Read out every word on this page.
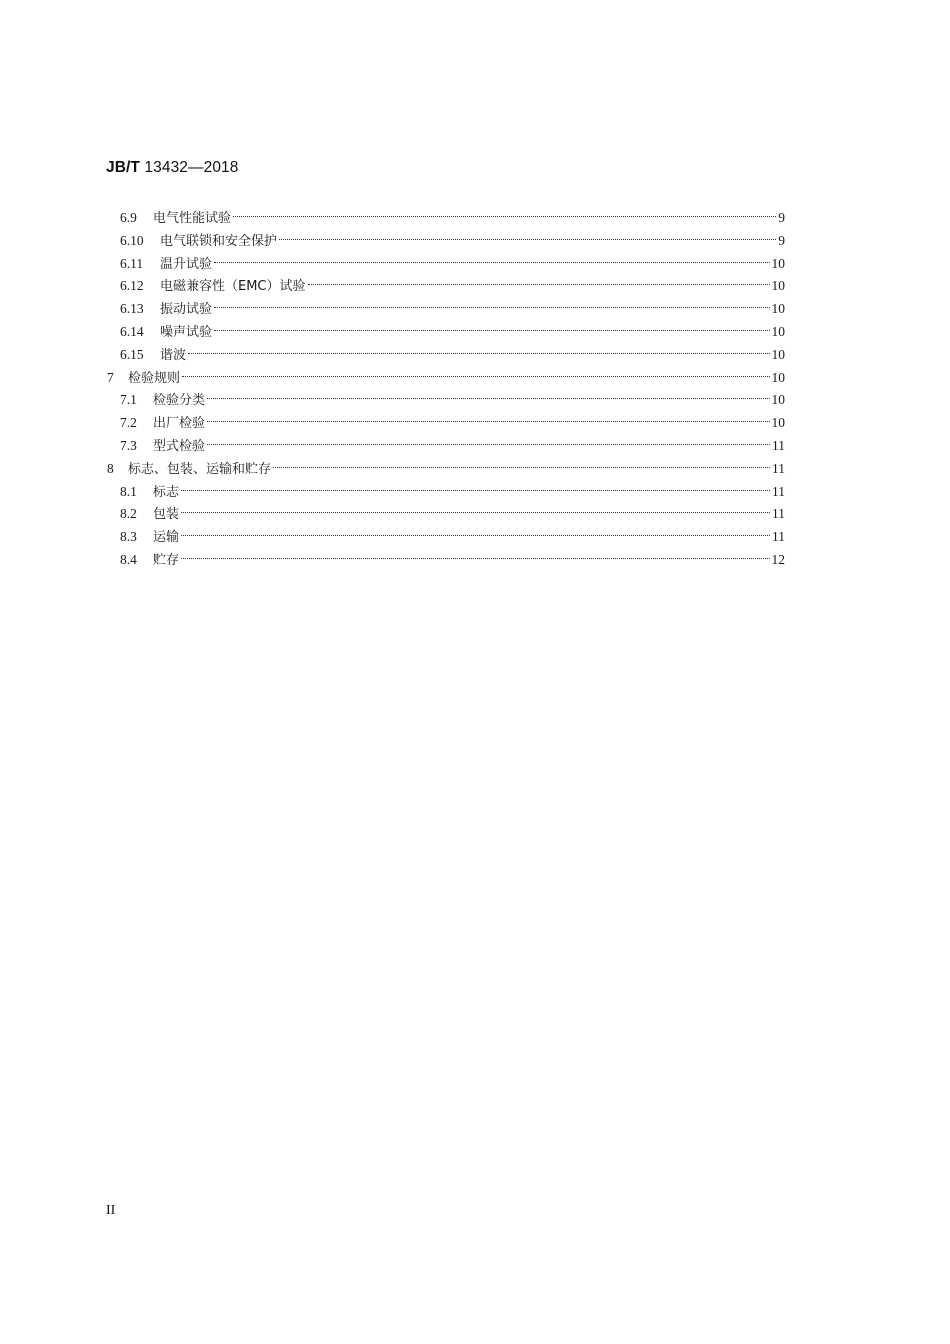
JB/T 13432—2018
6.9	电气性能试验	9
6.10	电气联锁和安全保护	9
6.11	温升试验	10
6.12	电磁兼容性（EMC）试验	10
6.13	振动试验	10
6.14	噪声试验	10
6.15	谐波	10
7	检验规则	10
7.1	检验分类	10
7.2	出厂检验	10
7.3	型式检验	11
8	标志、包装、运输和贮存	11
8.1	标志	11
8.2	包装	11
8.3	运输	11
8.4	贮存	12
II
